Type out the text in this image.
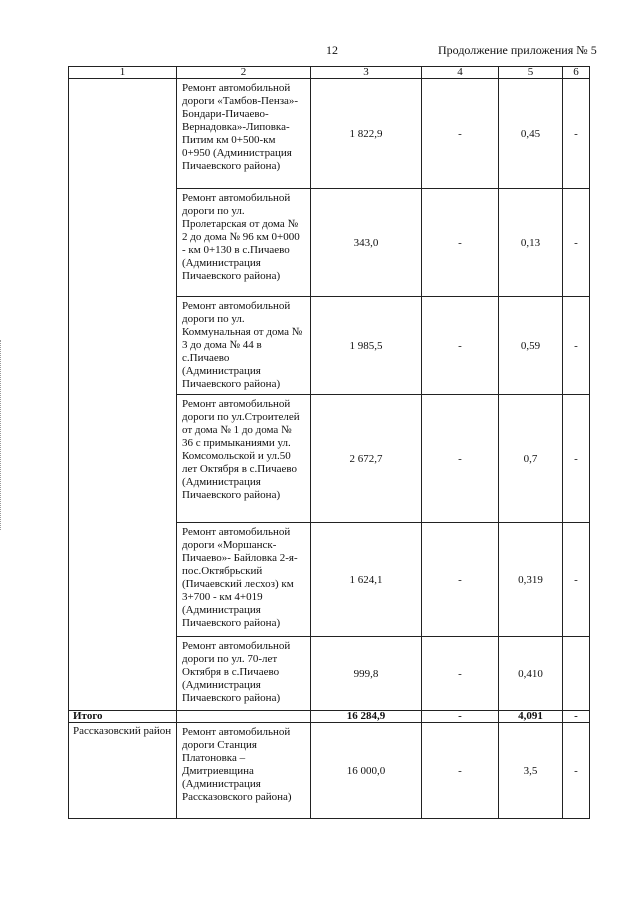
12	Продолжение приложения № 5
1	2	3	4	5	6
	Ремонт автомобильной дороги «Тамбов-Пенза»-Бондари-Пичаево-Вернадовка»-Липовка-Питим км 0+500-км 0+950 (Администрация Пичаевского района)	1 822,9	-	0,45	-
	Ремонт автомобильной дороги по ул. Пролетарская от дома № 2 до дома № 96 км 0+000 - км 0+130 в с.Пичаево (Администрация Пичаевского района)	343,0	-	0,13	-
	Ремонт автомобильной дороги по ул. Коммунальная от дома № 3 до дома № 44 в с.Пичаево (Администрация Пичаевского района)	1 985,5	-	0,59	-
	Ремонт автомобильной дороги по ул.Строителей от дома № 1 до дома № 36 с примыканиями ул. Комсомольской и ул.50 лет Октября в с.Пичаево (Администрация Пичаевского района)	2 672,7	-	0,7	-
	Ремонт автомобильной дороги «Моршанск-Пичаево»- Байловка 2-я-пос.Октябрьский (Пичаевский лесхоз) км 3+700 - км 4+019 (Администрация Пичаевского района)	1 624,1	-	0,319	-
	Ремонт автомобильной дороги по ул. 70-лет Октября в с.Пичаево (Администрация Пичаевского района)	999,8	-	0,410	
Итого		16 284,9	-	4,091	-
Рассказовский район	Ремонт автомобильной дороги Станция Платоновка – Дмитриевщина (Администрация Рассказовского района)	16 000,0	-	3,5	-
